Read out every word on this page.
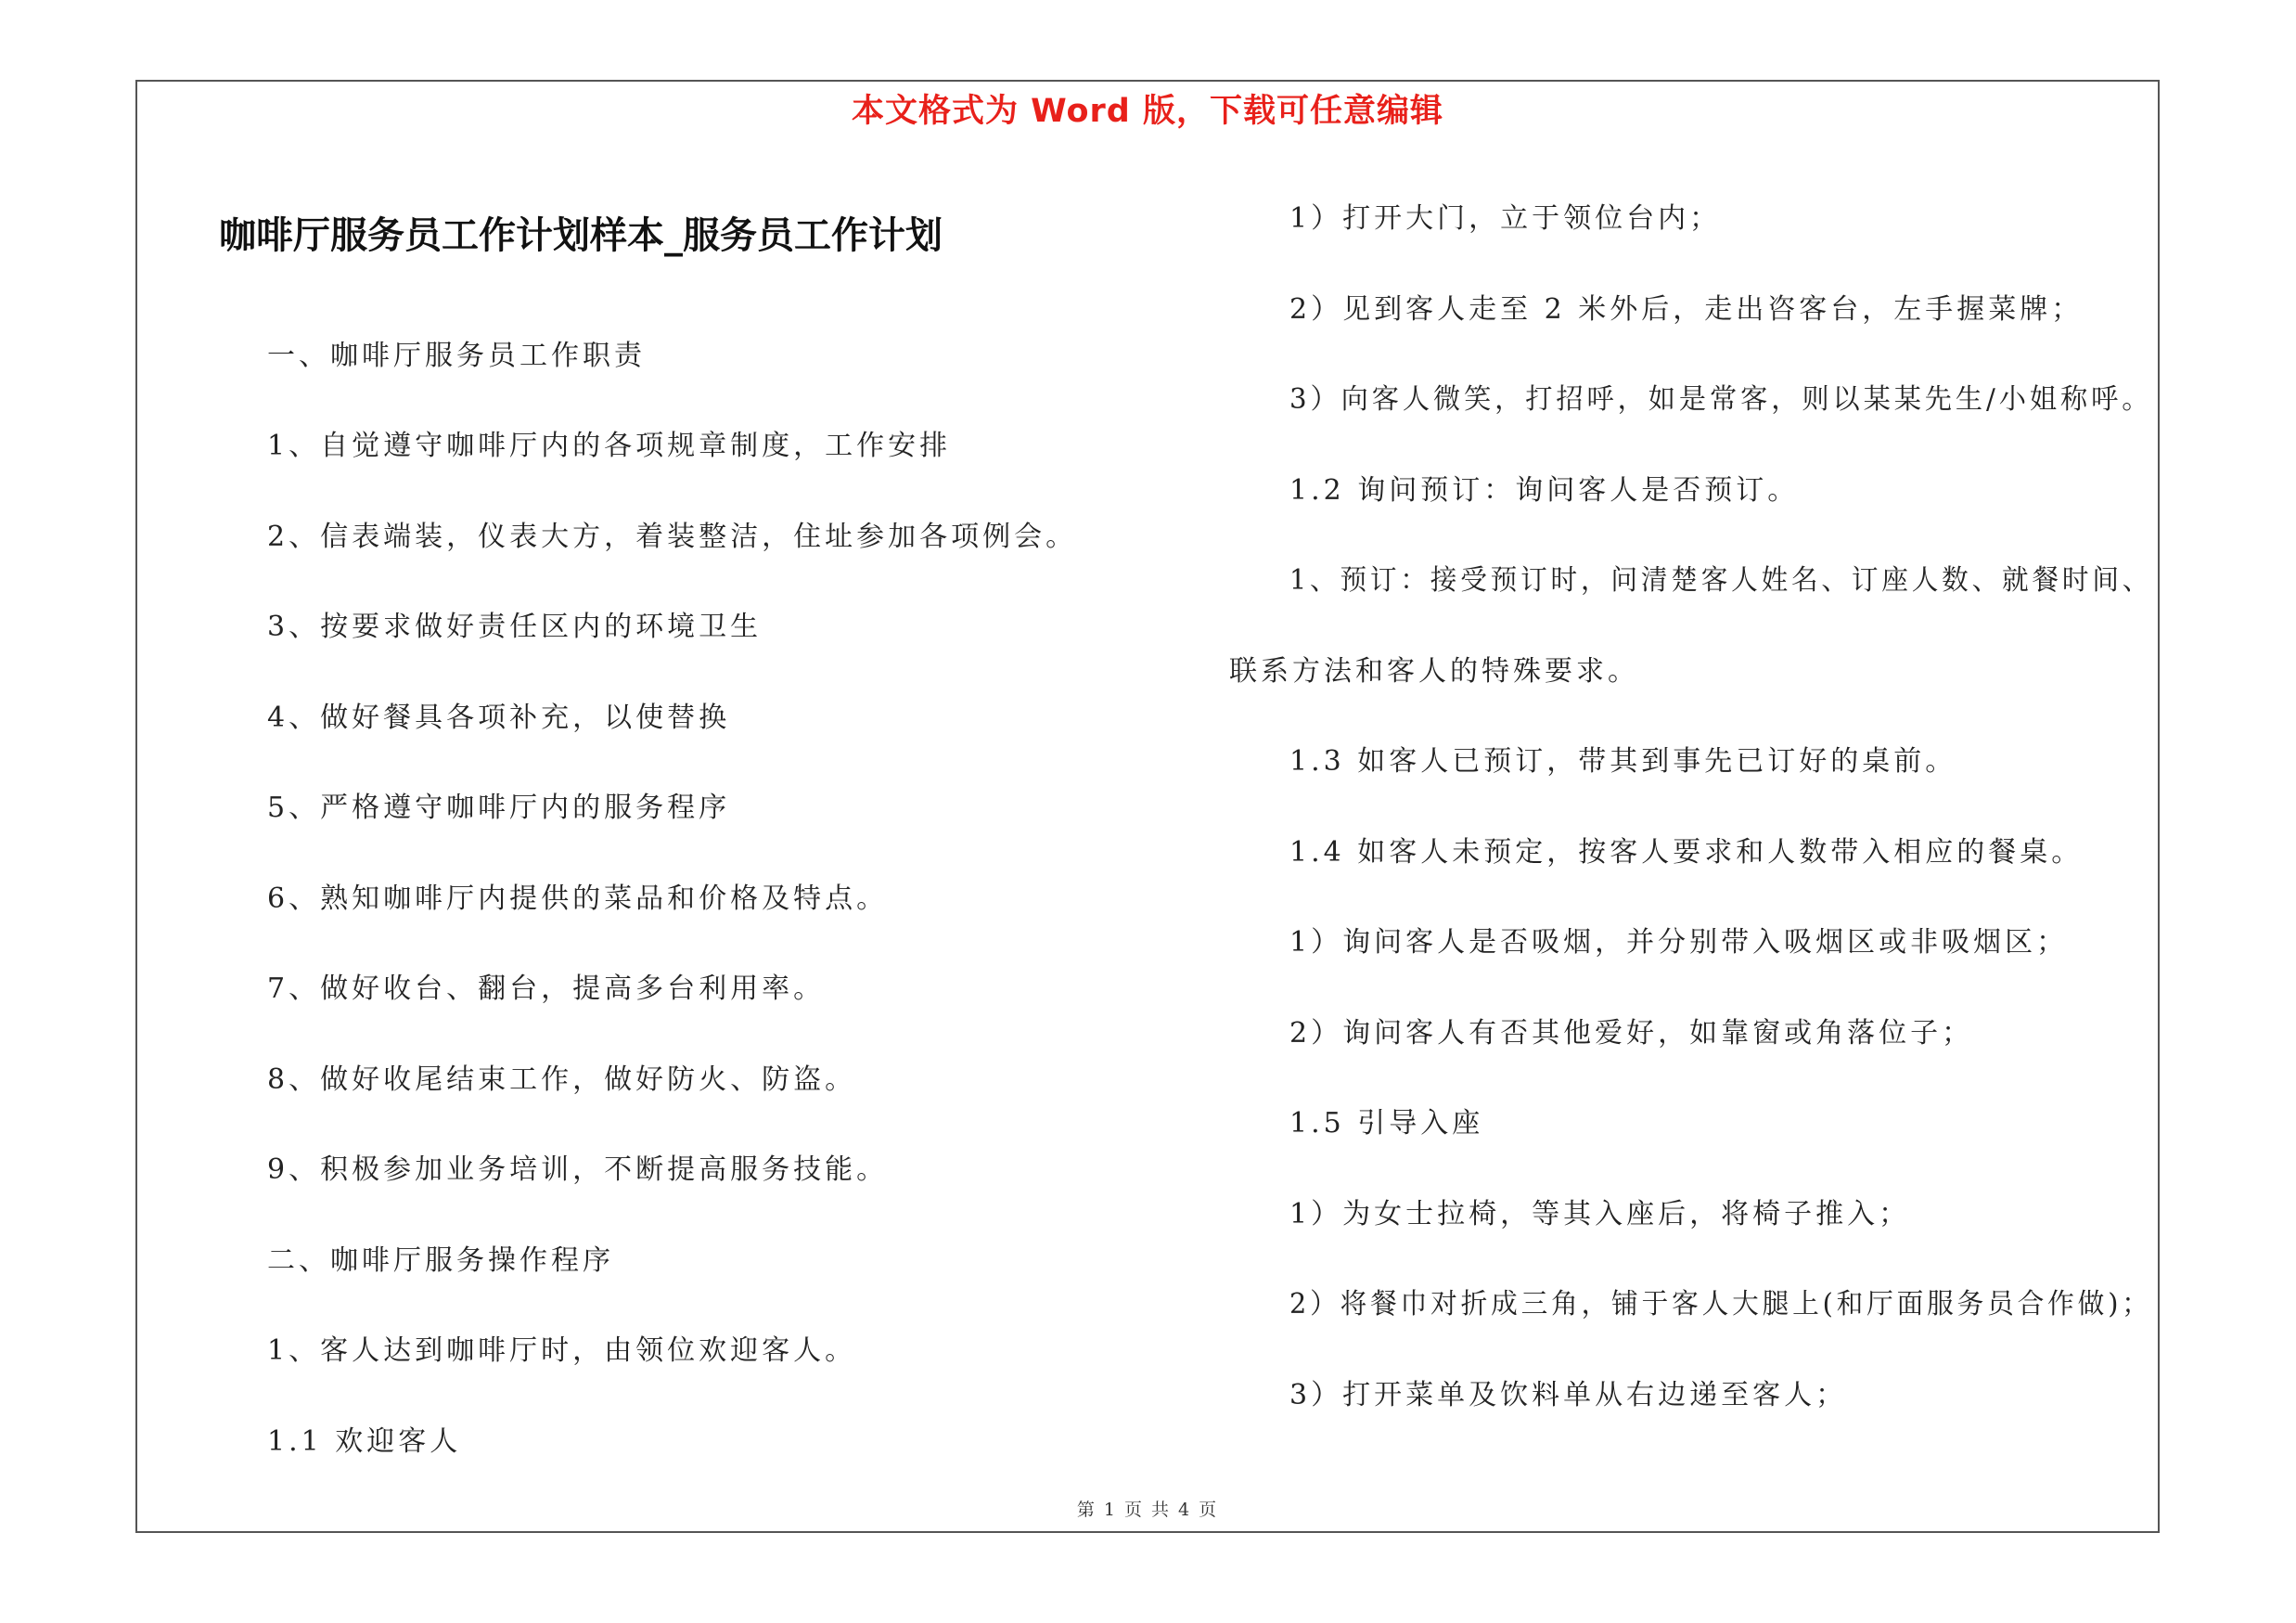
本文格式为 Word 版，下载可任意编辑
咖啡厅服务员工作计划样本_服务员工作计划
一、咖啡厅服务员工作职责
1、自觉遵守咖啡厅内的各项规章制度，工作安排
2、信表端装，仪表大方，着装整洁，住址参加各项例会。
3、按要求做好责任区内的环境卫生
4、做好餐具各项补充，以使替换
5、严格遵守咖啡厅内的服务程序
6、熟知咖啡厅内提供的菜品和价格及特点。
7、做好收台、翻台，提高多台利用率。
8、做好收尾结束工作，做好防火、防盗。
9、积极参加业务培训，不断提高服务技能。
二、咖啡厅服务操作程序
1、客人达到咖啡厅时，由领位欢迎客人。
1.1 欢迎客人
1）打开大门，立于领位台内；
2）见到客人走至 2 米外后，走出咨客台，左手握菜牌；
3）向客人微笑，打招呼，如是常客，则以某某先生/小姐称呼。
1.2 询问预订：询问客人是否预订。
1、预订：接受预订时，问清楚客人姓名、订座人数、就餐时间、
联系方法和客人的特殊要求。
1.3 如客人已预订，带其到事先已订好的桌前。
1.4 如客人未预定，按客人要求和人数带入相应的餐桌。
1）询问客人是否吸烟，并分别带入吸烟区或非吸烟区；
2）询问客人有否其他爱好，如靠窗或角落位子；
1.5 引导入座
1）为女士拉椅，等其入座后，将椅子推入；
2）将餐巾对折成三角，铺于客人大腿上(和厅面服务员合作做)；
3）打开菜单及饮料单从右边递至客人；
第 1 页 共 4 页
